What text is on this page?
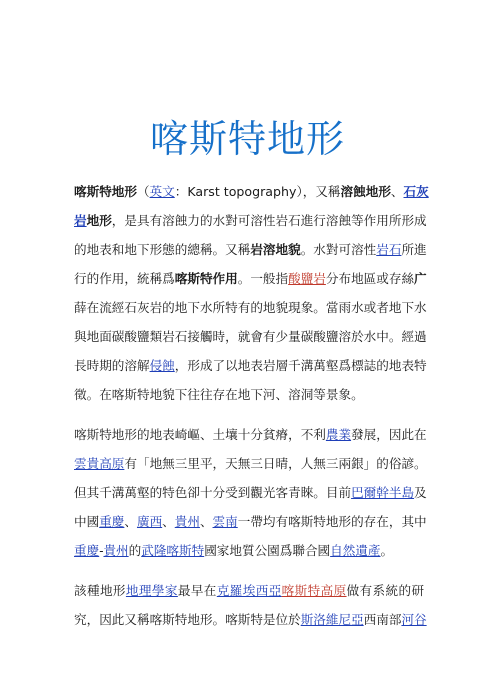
喀斯特地形
喀斯特地形（英文：Karst topography），又稱溶蝕地形、石灰
岩地形，是具有溶蝕力的水對可溶性岩石進行溶蝕等作用所形成
的地表和地下形態的總稱。又稱岩溶地貌。水對可溶性岩石所進
行的作用，統稱爲喀斯特作用。一般指酸鹽岩分布地區或存絲广
薛在流經石灰岩的地下水所特有的地貌現象。當雨水或者地下水
與地面碳酸鹽類岩石接觸時，就會有少量碳酸鹽溶於水中。經過
長時期的溶解侵蝕，形成了以地表岩層千溝萬壑爲標誌的地表特
徵。在喀斯特地貌下往往存在地下河、溶洞等景象。
喀斯特地形的地表崎嶇、土壤十分貧瘠，不利農業發展，因此在
雲貴高原有「地無三里平，天無三日晴，人無三兩銀」的俗諺。
但其千溝萬壑的特色卻十分受到觀光客青睞。目前巴爾幹半島及
中國重慶、廣西、貴州、雲南一帶均有喀斯特地形的存在，其中
重慶-貴州的武隆喀斯特國家地質公園爲聯合國自然遺產。
該種地形地理學家最早在克羅埃西亞喀斯特高原做有系統的研
究，因此又稱喀斯特地形。喀斯特是位於斯洛維尼亞西南部河谷
